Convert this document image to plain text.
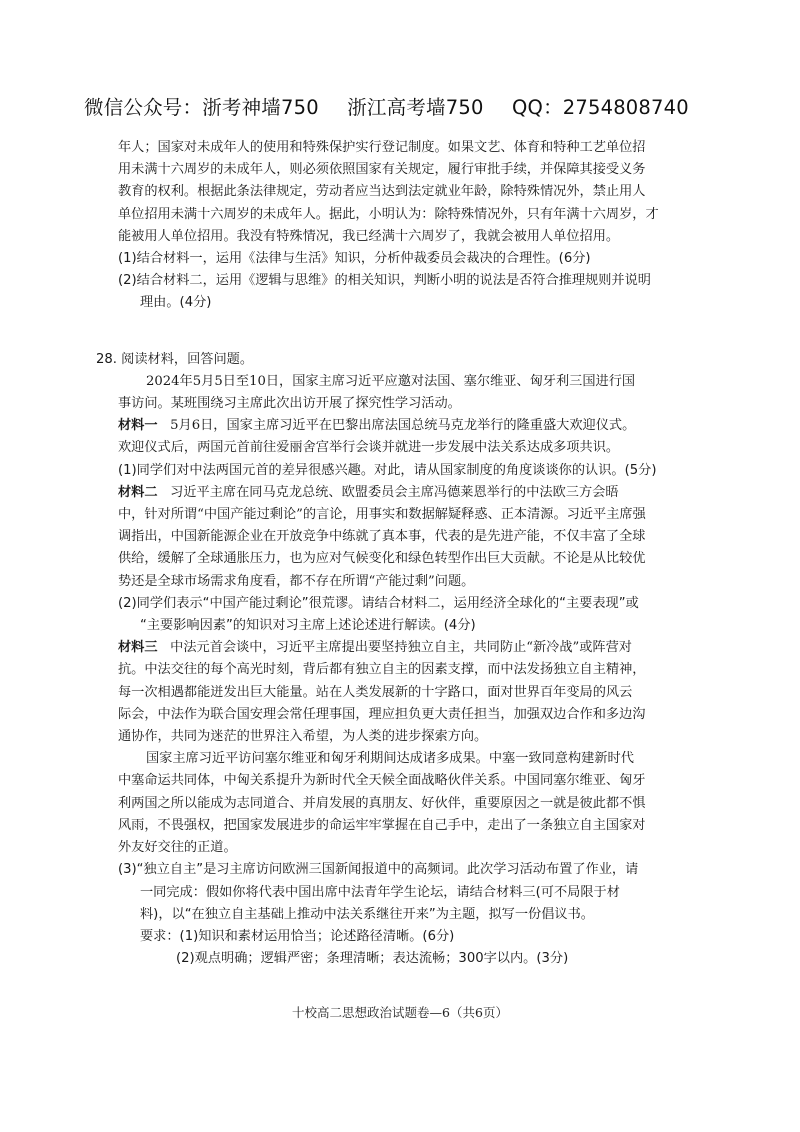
微信公众号：浙考神墙750 浙江高考墙750 QQ：2754808740

年人；国家对未成年人的使用和特殊保护实行登记制度。如果文艺、体育和特种工艺单位招

用未满十六周岁的未成年人，则必须依照国家有关规定，履行审批手续，并保障其接受义务

教育的权利。根据此条法律规定，劳动者应当达到法定就业年龄，除特殊情况外，禁止用人

单位招用未满十六周岁的未成年人。据此，小明认为：除特殊情况外，只有年满十六周岁，才

能被用人单位招用。我没有特殊情况，我已经满十六周岁了，我就会被用人单位招用。

(1)结合材料一，运用《法律与生活》知识，分析仲裁委员会裁决的合理性。(6分)

(2)结合材料二，运用《逻辑与思维》的相关知识，判断小明的说法是否符合推理规则并说明

理由。(4分)

28. 阅读材料，回答问题。

2024年5月5日至10日，国家主席习近平应邀对法国、塞尔维亚、匈牙利三国进行国

事访问。某班围绕习主席此次出访开展了探究性学习活动。

材料一 5月6日，国家主席习近平在巴黎出席法国总统马克龙举行的隆重盛大欢迎仪式。

欢迎仪式后，两国元首前往爱丽舍宫举行会谈并就进一步发展中法关系达成多项共识。

(1)同学们对中法两国元首的差异很感兴趣。对此，请从国家制度的角度谈谈你的认识。(5分)

材料二 习近平主席在同马克龙总统、欧盟委员会主席冯德莱恩举行的中法欧三方会晤

中，针对所谓“中国产能过剩论”的言论，用事实和数据解疑释惑、正本清源。习近平主席强

调指出，中国新能源企业在开放竞争中练就了真本事，代表的是先进产能，不仅丰富了全球

供给，缓解了全球通胀压力，也为应对气候变化和绿色转型作出巨大贡献。不论是从比较优

势还是全球市场需求角度看，都不存在所谓“产能过剩”问题。

(2)同学们表示“中国产能过剩论”很荒谬。请结合材料二，运用经济全球化的“主要表现”或

“主要影响因素”的知识对习主席上述论述进行解读。(4分)

材料三 中法元首会谈中，习近平主席提出要坚持独立自主，共同防止“新冷战”或阵营对

抗。中法交往的每个高光时刻，背后都有独立自主的因素支撑，而中法发扬独立自主精神，

每一次相遇都能迸发出巨大能量。站在人类发展新的十字路口，面对世界百年变局的风云

际会，中法作为联合国安理会常任理事国，理应担负更大责任担当，加强双边合作和多边沟

通协作，共同为迷茫的世界注入希望，为人类的进步探索方向。

国家主席习近平访问塞尔维亚和匈牙利期间达成诸多成果。中塞一致同意构建新时代

中塞命运共同体，中匈关系提升为新时代全天候全面战略伙伴关系。中国同塞尔维亚、匈牙

利两国之所以能成为志同道合、并肩发展的真朋友、好伙伴，重要原因之一就是彼此都不惧

风雨，不畏强权，把国家发展进步的命运牢牢掌握在自己手中，走出了一条独立自主国家对

外友好交往的正道。

(3)“独立自主”是习主席访问欧洲三国新闻报道中的高频词。此次学习活动布置了作业，请

一同完成：假如你将代表中国出席中法青年学生论坛，请结合材料三(可不局限于材

料)，以“在独立自主基础上推动中法关系继往开来”为主题，拟写一份倡议书。

要求：(1)知识和素材运用恰当；论述路径清晰。(6分)

(2)观点明确；逻辑严密；条理清晰；表达流畅；300字以内。(3分)

十校高二思想政治试题卷—6（共6页）
